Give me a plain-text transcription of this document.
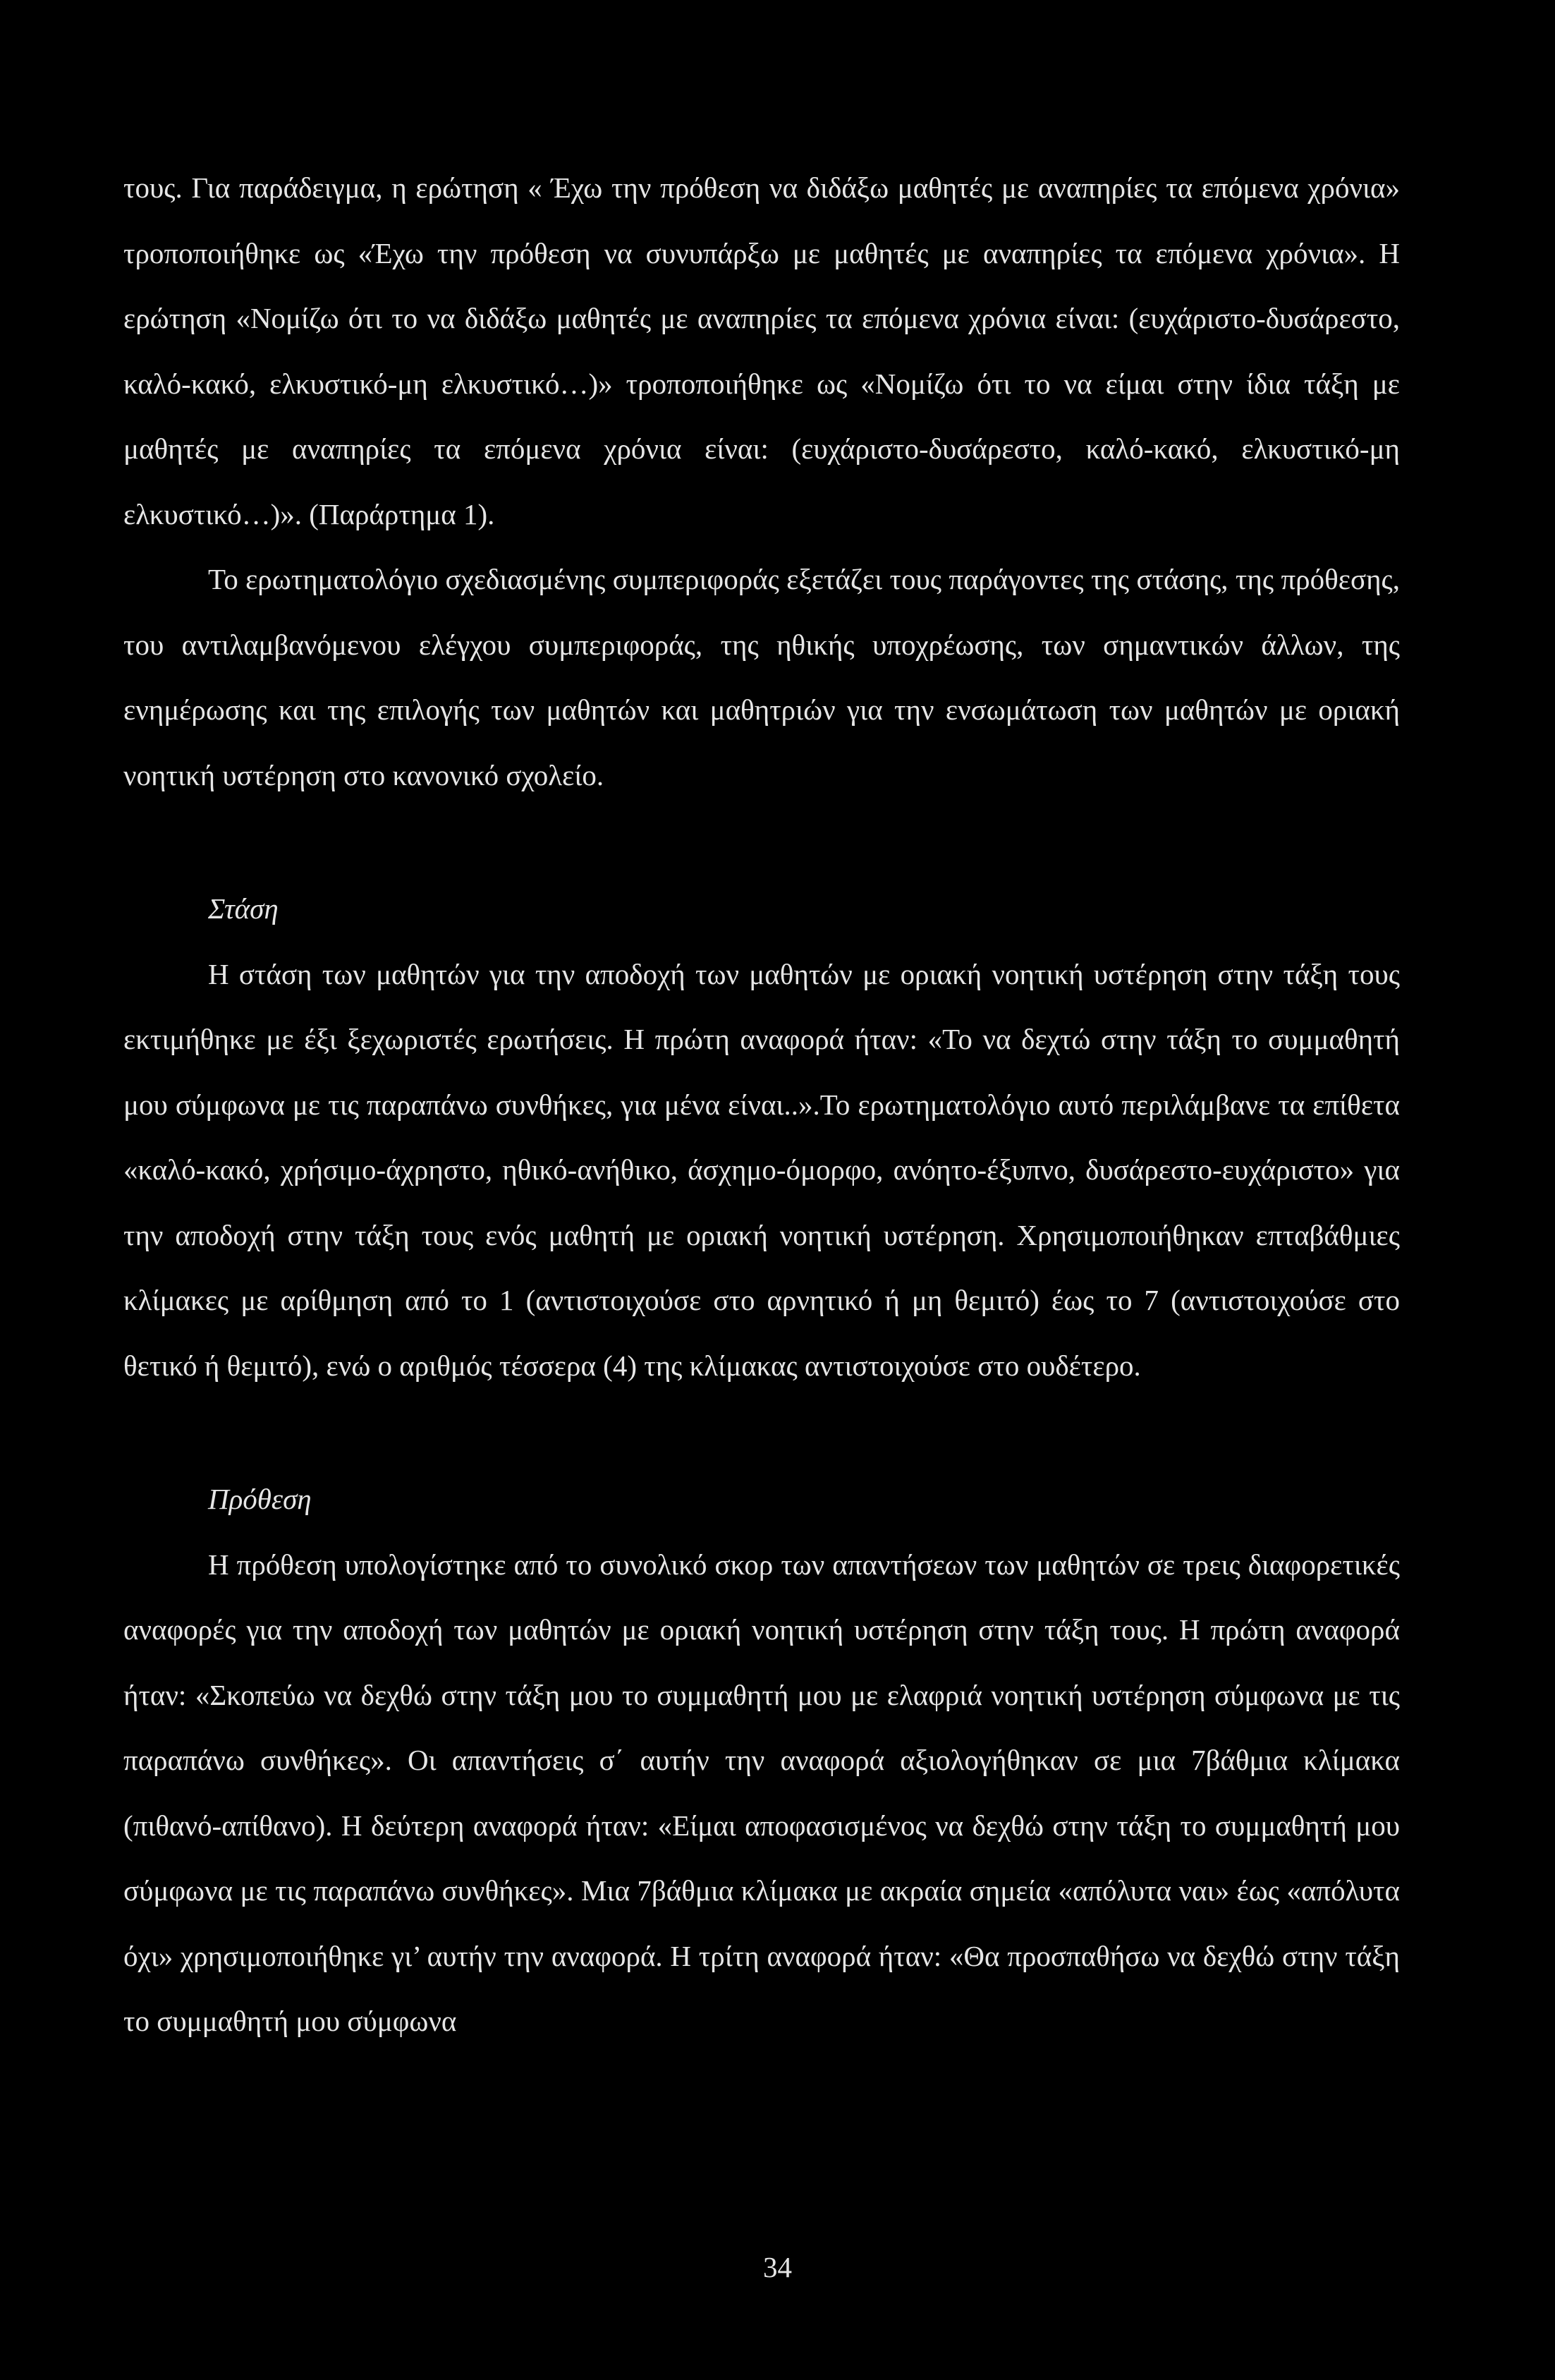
τους. Για παράδειγμα, η ερώτηση « Έχω την πρόθεση να διδάξω μαθητές με αναπηρίες τα επόμενα χρόνια» τροποποιήθηκε ως «Έχω την πρόθεση να συνυπάρξω με μαθητές με αναπηρίες τα επόμενα χρόνια». Η ερώτηση «Νομίζω ότι το να διδάξω μαθητές με αναπηρίες τα επόμενα χρόνια είναι: (ευχάριστο-δυσάρεστο, καλό-κακό, ελκυστικό-μη ελκυστικό…)» τροποποιήθηκε ως «Νομίζω ότι το να είμαι στην ίδια τάξη με μαθητές με αναπηρίες τα επόμενα χρόνια είναι: (ευχάριστο-δυσάρεστο, καλό-κακό, ελκυστικό-μη ελκυστικό…)». (Παράρτημα 1).

Το ερωτηματολόγιο σχεδιασμένης συμπεριφοράς εξετάζει τους παράγοντες της στάσης, της πρόθεσης, του αντιλαμβανόμενου ελέγχου συμπεριφοράς, της ηθικής υποχρέωσης, των σημαντικών άλλων, της ενημέρωσης και της επιλογής των μαθητών και μαθητριών για την ενσωμάτωση των μαθητών με οριακή νοητική υστέρηση στο κανονικό σχολείο.

Στάση

Η στάση των μαθητών για την αποδοχή των μαθητών με οριακή νοητική υστέρηση στην τάξη τους εκτιμήθηκε με έξι ξεχωριστές ερωτήσεις. Η πρώτη αναφορά ήταν: «Το να δεχτώ στην τάξη το συμμαθητή μου σύμφωνα με τις παραπάνω συνθήκες, για μένα είναι..».Το ερωτηματολόγιο αυτό περιλάμβανε τα επίθετα «καλό-κακό, χρήσιμο-άχρηστο, ηθικό-ανήθικο, άσχημο-όμορφο, ανόητο-έξυπνο, δυσάρεστο-ευχάριστο» για την αποδοχή στην τάξη τους ενός μαθητή με οριακή νοητική υστέρηση. Χρησιμοποιήθηκαν επταβάθμιες κλίμακες με αρίθμηση από το 1 (αντιστοιχούσε στο αρνητικό ή μη θεμιτό) έως το 7 (αντιστοιχούσε στο θετικό ή θεμιτό), ενώ ο αριθμός τέσσερα (4) της κλίμακας αντιστοιχούσε στο ουδέτερο.

Πρόθεση

Η πρόθεση υπολογίστηκε από το συνολικό σκορ των απαντήσεων των μαθητών σε τρεις διαφορετικές αναφορές για την αποδοχή των μαθητών με οριακή νοητική υστέρηση στην τάξη τους. Η πρώτη αναφορά ήταν: «Σκοπεύω να δεχθώ στην τάξη μου το συμμαθητή μου με ελαφριά νοητική υστέρηση σύμφωνα με τις παραπάνω συνθήκες». Οι απαντήσεις σ΄ αυτήν την αναφορά αξιολογήθηκαν σε μια 7βάθμια κλίμακα (πιθανό-απίθανο). Η δεύτερη αναφορά ήταν: «Είμαι αποφασισμένος να δεχθώ στην τάξη το συμμαθητή μου σύμφωνα με τις παραπάνω συνθήκες». Μια 7βάθμια κλίμακα με ακραία σημεία «απόλυτα ναι» έως «απόλυτα όχι» χρησιμοποιήθηκε γι’ αυτήν την αναφορά. Η τρίτη αναφορά ήταν: «Θα προσπαθήσω να δεχθώ στην τάξη το συμμαθητή μου σύμφωνα

34
